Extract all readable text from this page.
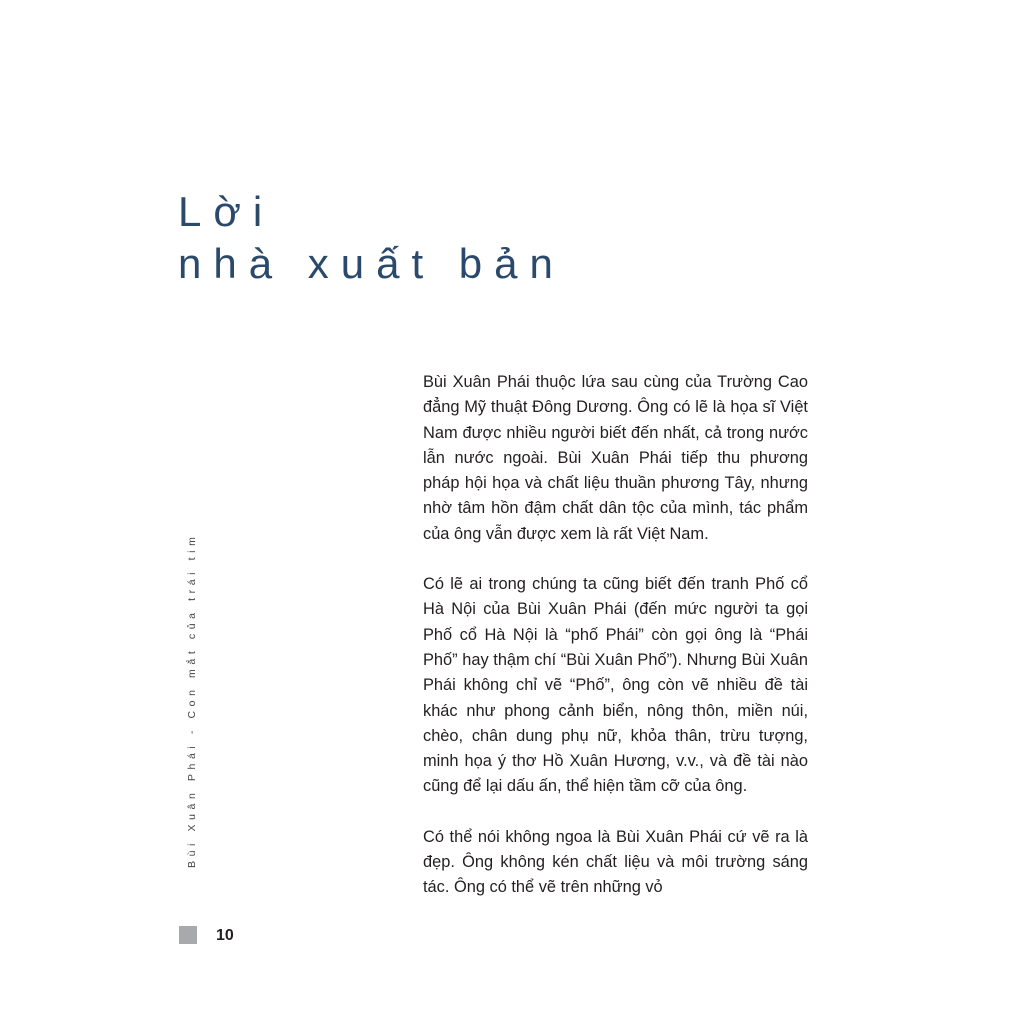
Lời
nhà xuất bản

Bùi Xuân Phái thuộc lứa sau cùng của Trường Cao đẳng Mỹ thuật Đông Dương. Ông có lẽ là họa sĩ Việt Nam được nhiều người biết đến nhất, cả trong nước lẫn nước ngoài. Bùi Xuân Phái tiếp thu phương pháp hội họa và chất liệu thuần phương Tây, nhưng nhờ tâm hồn đậm chất dân tộc của mình, tác phẩm của ông vẫn được xem là rất Việt Nam.

Có lẽ ai trong chúng ta cũng biết đến tranh Phố cổ Hà Nội của Bùi Xuân Phái (đến mức người ta gọi Phố cổ Hà Nội là “phố Phái” còn gọi ông là “Phái Phố” hay thậm chí “Bùi Xuân Phố”). Nhưng Bùi Xuân Phái không chỉ vẽ “Phố”, ông còn vẽ nhiều đề tài khác như phong cảnh biển, nông thôn, miền núi, chèo, chân dung phụ nữ, khỏa thân, trừu tượng, minh họa ý thơ Hồ Xuân Hương, v.v., và đề tài nào cũng để lại dấu ấn, thể hiện tầm cỡ của ông.

Có thể nói không ngoa là Bùi Xuân Phái cứ vẽ ra là đẹp. Ông không kén chất liệu và môi trường sáng tác. Ông có thể vẽ trên những vỏ

Bùi Xuân Phái - Con mắt của trái tim
10
